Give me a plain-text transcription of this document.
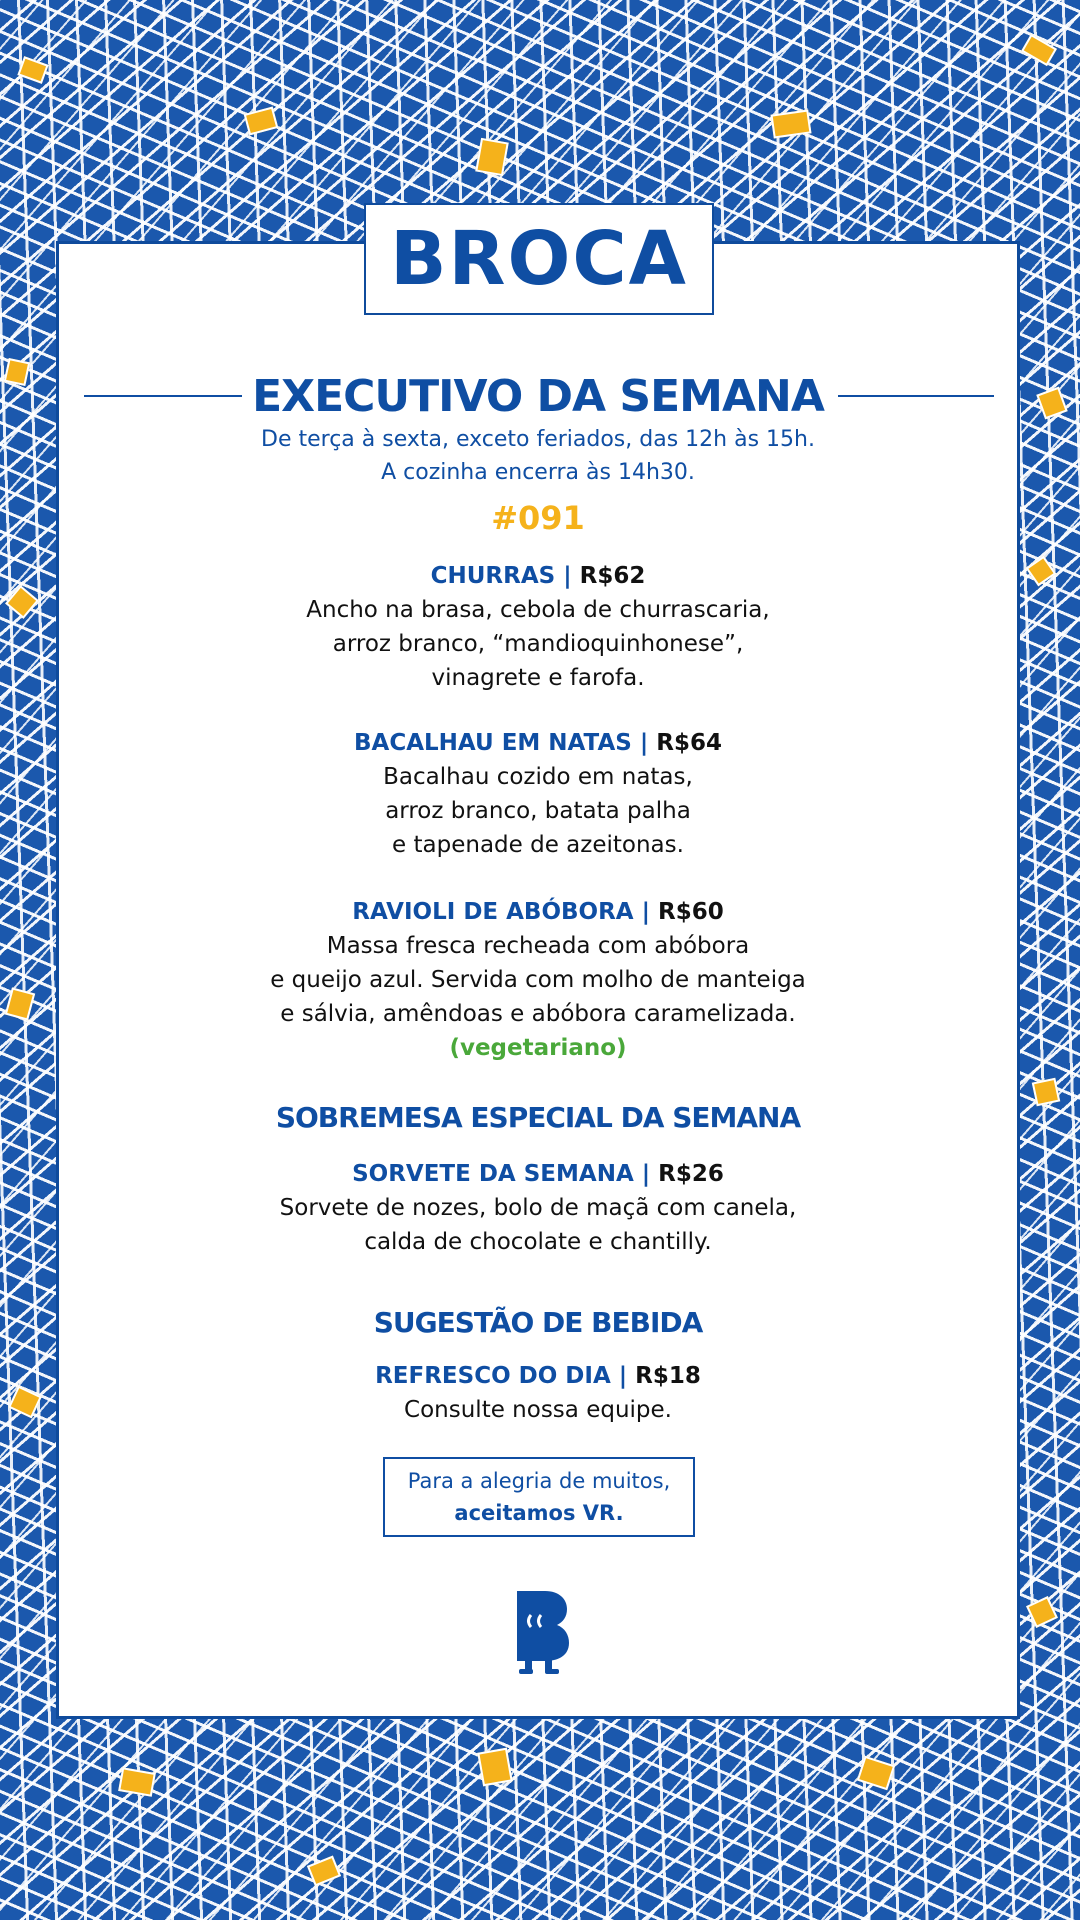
BROCA
EXECUTIVO DA SEMANA
De terça à sexta, exceto feriados, das 12h às 15h.
A cozinha encerra às 14h30.
#091
CHURRAS | R$62
Ancho na brasa, cebola de churrascaria,
arroz branco, “mandioquinhonese”,
vinagrete e farofa.
BACALHAU EM NATAS | R$64
Bacalhau cozido em natas,
arroz branco, batata palha
e tapenade de azeitonas.
RAVIOLI DE ABÓBORA | R$60
Massa fresca recheada com abóbora
e queijo azul. Servida com molho de manteiga
e sálvia, amêndoas e abóbora caramelizada.
(vegetariano)
SOBREMESA ESPECIAL DA SEMANA
SORVETE DA SEMANA | R$26
Sorvete de nozes, bolo de maçã com canela,
calda de chocolate e chantilly.
SUGESTÃO DE BEBIDA
REFRESCO DO DIA | R$18
Consulte nossa equipe.
Para a alegria de muitos,
aceitamos VR.
